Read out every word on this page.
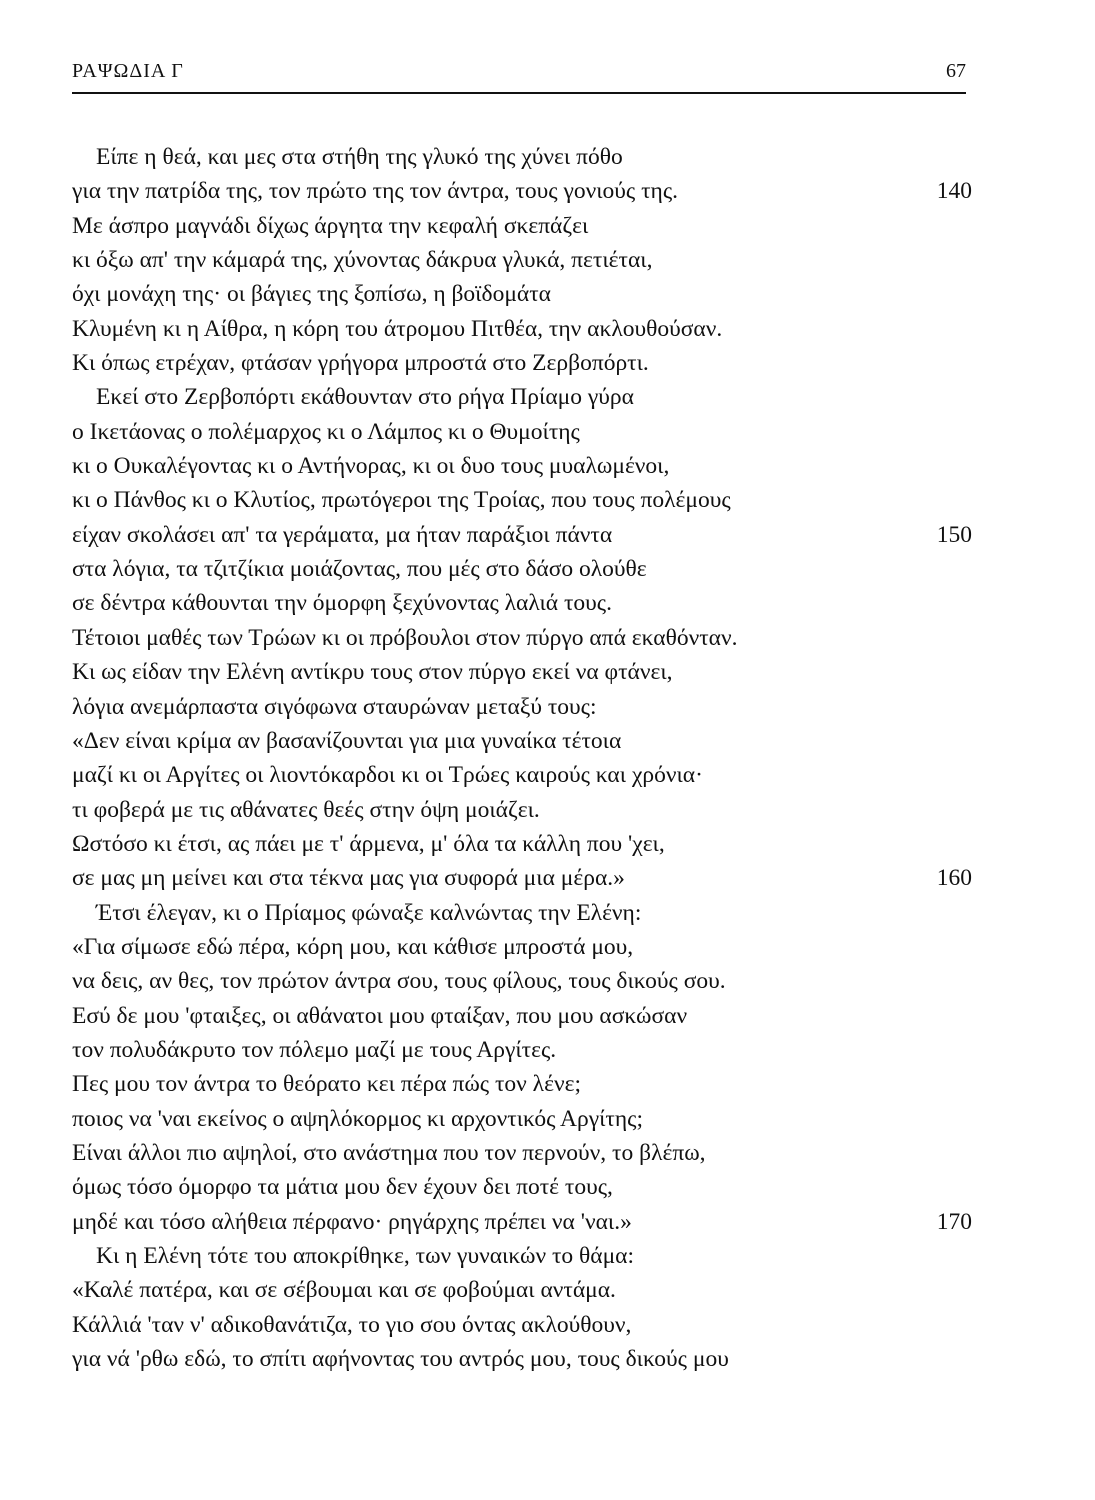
ΡΑΨΩΔΙΑ Γ	67
Είπε η θεά, και μες στα στήθη της γλυκό της χύνει πόθο
για την πατρίδα της, τον πρώτο της τον άντρα, τους γονιούς της.	140
Με άσπρο μαγνάδι δίχως άργητα την κεφαλή σκεπάζει
κι όξω απ' την κάμαρά της, χύνοντας δάκρυα γλυκά, πετιέται,
όχι μονάχη της· οι βάγιες της ξοπίσω, η βοϊδομάτα
Κλυμένη κι η Αίθρα, η κόρη του άτρομου Πιτθέα, την ακλουθούσαν.
Κι όπως ετρέχαν, φτάσαν γρήγορα μπροστά στο Ζερβοπόρτι.
Εκεί στο Ζερβοπόρτι εκάθουνταν στο ρήγα Πρίαμο γύρα
ο Ικετάονας ο πολέμαρχος κι ο Λάμπος κι ο Θυμοίτης
κι ο Ουκαλέγοντας κι ο Αντήνορας, κι οι δυο τους μυαλωμένοι,
κι ο Πάνθος κι ο Κλυτίος, πρωτόγεροι της Τροίας, που τους πολέμους
είχαν σκολάσει απ' τα γεράματα, μα ήταν παράξιοι πάντα	150
στα λόγια, τα τζιτζίκια μοιάζοντας, που μές στο δάσο ολούθε
σε δέντρα κάθουνται την όμορφη ξεχύνοντας λαλιά τους.
Τέτοιοι μαθές των Τρώων κι οι πρόβουλοι στον πύργο απά εκαθόνταν.
Κι ως είδαν την Ελένη αντίκρυ τους στον πύργο εκεί να φτάνει,
λόγια ανεμάρπαστα σιγόφωνα σταυρώναν μεταξύ τους:
«Δεν είναι κρίμα αν βασανίζουνται για μια γυναίκα τέτοια
μαζί κι οι Αργίτες οι λιοντόκαρδοι κι οι Τρώες καιρούς και χρόνια·
τι φοβερά με τις αθάνατες θεές στην όψη μοιάζει.
Ωστόσο κι έτσι, ας πάει με τ' άρμενα, μ' όλα τα κάλλη που 'χει,
σε μας μη μείνει και στα τέκνα μας για συφορά μια μέρα.»	160
Έτσι έλεγαν, κι ο Πρίαμος φώναξε καλνώντας την Ελένη:
«Για σίμωσε εδώ πέρα, κόρη μου, και κάθισε μπροστά μου,
να δεις, αν θες, τον πρώτον άντρα σου, τους φίλους, τους δικούς σου.
Εσύ δε μου 'φταιξες, οι αθάνατοι μου φταίξαν, που μου ασκώσαν
τον πολυδάκρυτο τον πόλεμο μαζί με τους Αργίτες.
Πες μου τον άντρα το θεόρατο κει πέρα πώς τον λένε;
ποιος να 'ναι εκείνος ο αψηλόκορμος κι αρχοντικός Αργίτης;
Είναι άλλοι πιο αψηλοί, στο ανάστημα που τον περνούν, το βλέπω,
όμως τόσο όμορφο τα μάτια μου δεν έχουν δει ποτέ τους,
μηδέ και τόσο αλήθεια πέρφανο· ρηγάρχης πρέπει να 'ναι.»	170
Κι η Ελένη τότε του αποκρίθηκε, των γυναικών το θάμα:
«Καλέ πατέρα, και σε σέβουμαι και σε φοβούμαι αντάμα.
Κάλλιά 'ταν ν' αδικοθανάτιζα, το γιο σου όντας ακλούθουν,
για νά 'ρθω εδώ, το σπίτι αφήνοντας του αντρός μου, τους δικούς μου
